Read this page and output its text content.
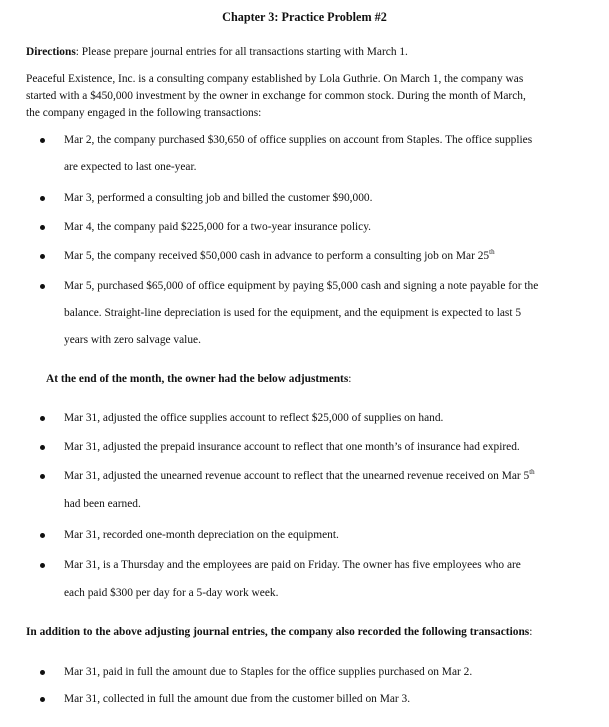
Chapter 3: Practice Problem #2
Directions: Please prepare journal entries for all transactions starting with March 1.
Peaceful Existence, Inc. is a consulting company established by Lola Guthrie. On March 1, the company was
started with a $450,000 investment by the owner in exchange for common stock. During the month of March,
the company engaged in the following transactions:
Mar 2, the company purchased $30,650 of office supplies on account from Staples. The office supplies
are expected to last one-year.
Mar 3, performed a consulting job and billed the customer $90,000.
Mar 4, the company paid $225,000 for a two-year insurance policy.
Mar 5, the company received $50,000 cash in advance to perform a consulting job on Mar 25th
Mar 5, purchased $65,000 of office equipment by paying $5,000 cash and signing a note payable for the
balance. Straight-line depreciation is used for the equipment, and the equipment is expected to last 5
years with zero salvage value.
At the end of the month, the owner had the below adjustments:
Mar 31, adjusted the office supplies account to reflect $25,000 of supplies on hand.
Mar 31, adjusted the prepaid insurance account to reflect that one month’s of insurance had expired.
Mar 31, adjusted the unearned revenue account to reflect that the unearned revenue received on Mar 5th
had been earned.
Mar 31, recorded one-month depreciation on the equipment.
Mar 31, is a Thursday and the employees are paid on Friday. The owner has five employees who are
each paid $300 per day for a 5-day work week.
In addition to the above adjusting journal entries, the company also recorded the following transactions:
Mar 31, paid in full the amount due to Staples for the office supplies purchased on Mar 2.
Mar 31, collected in full the amount due from the customer billed on Mar 3.
